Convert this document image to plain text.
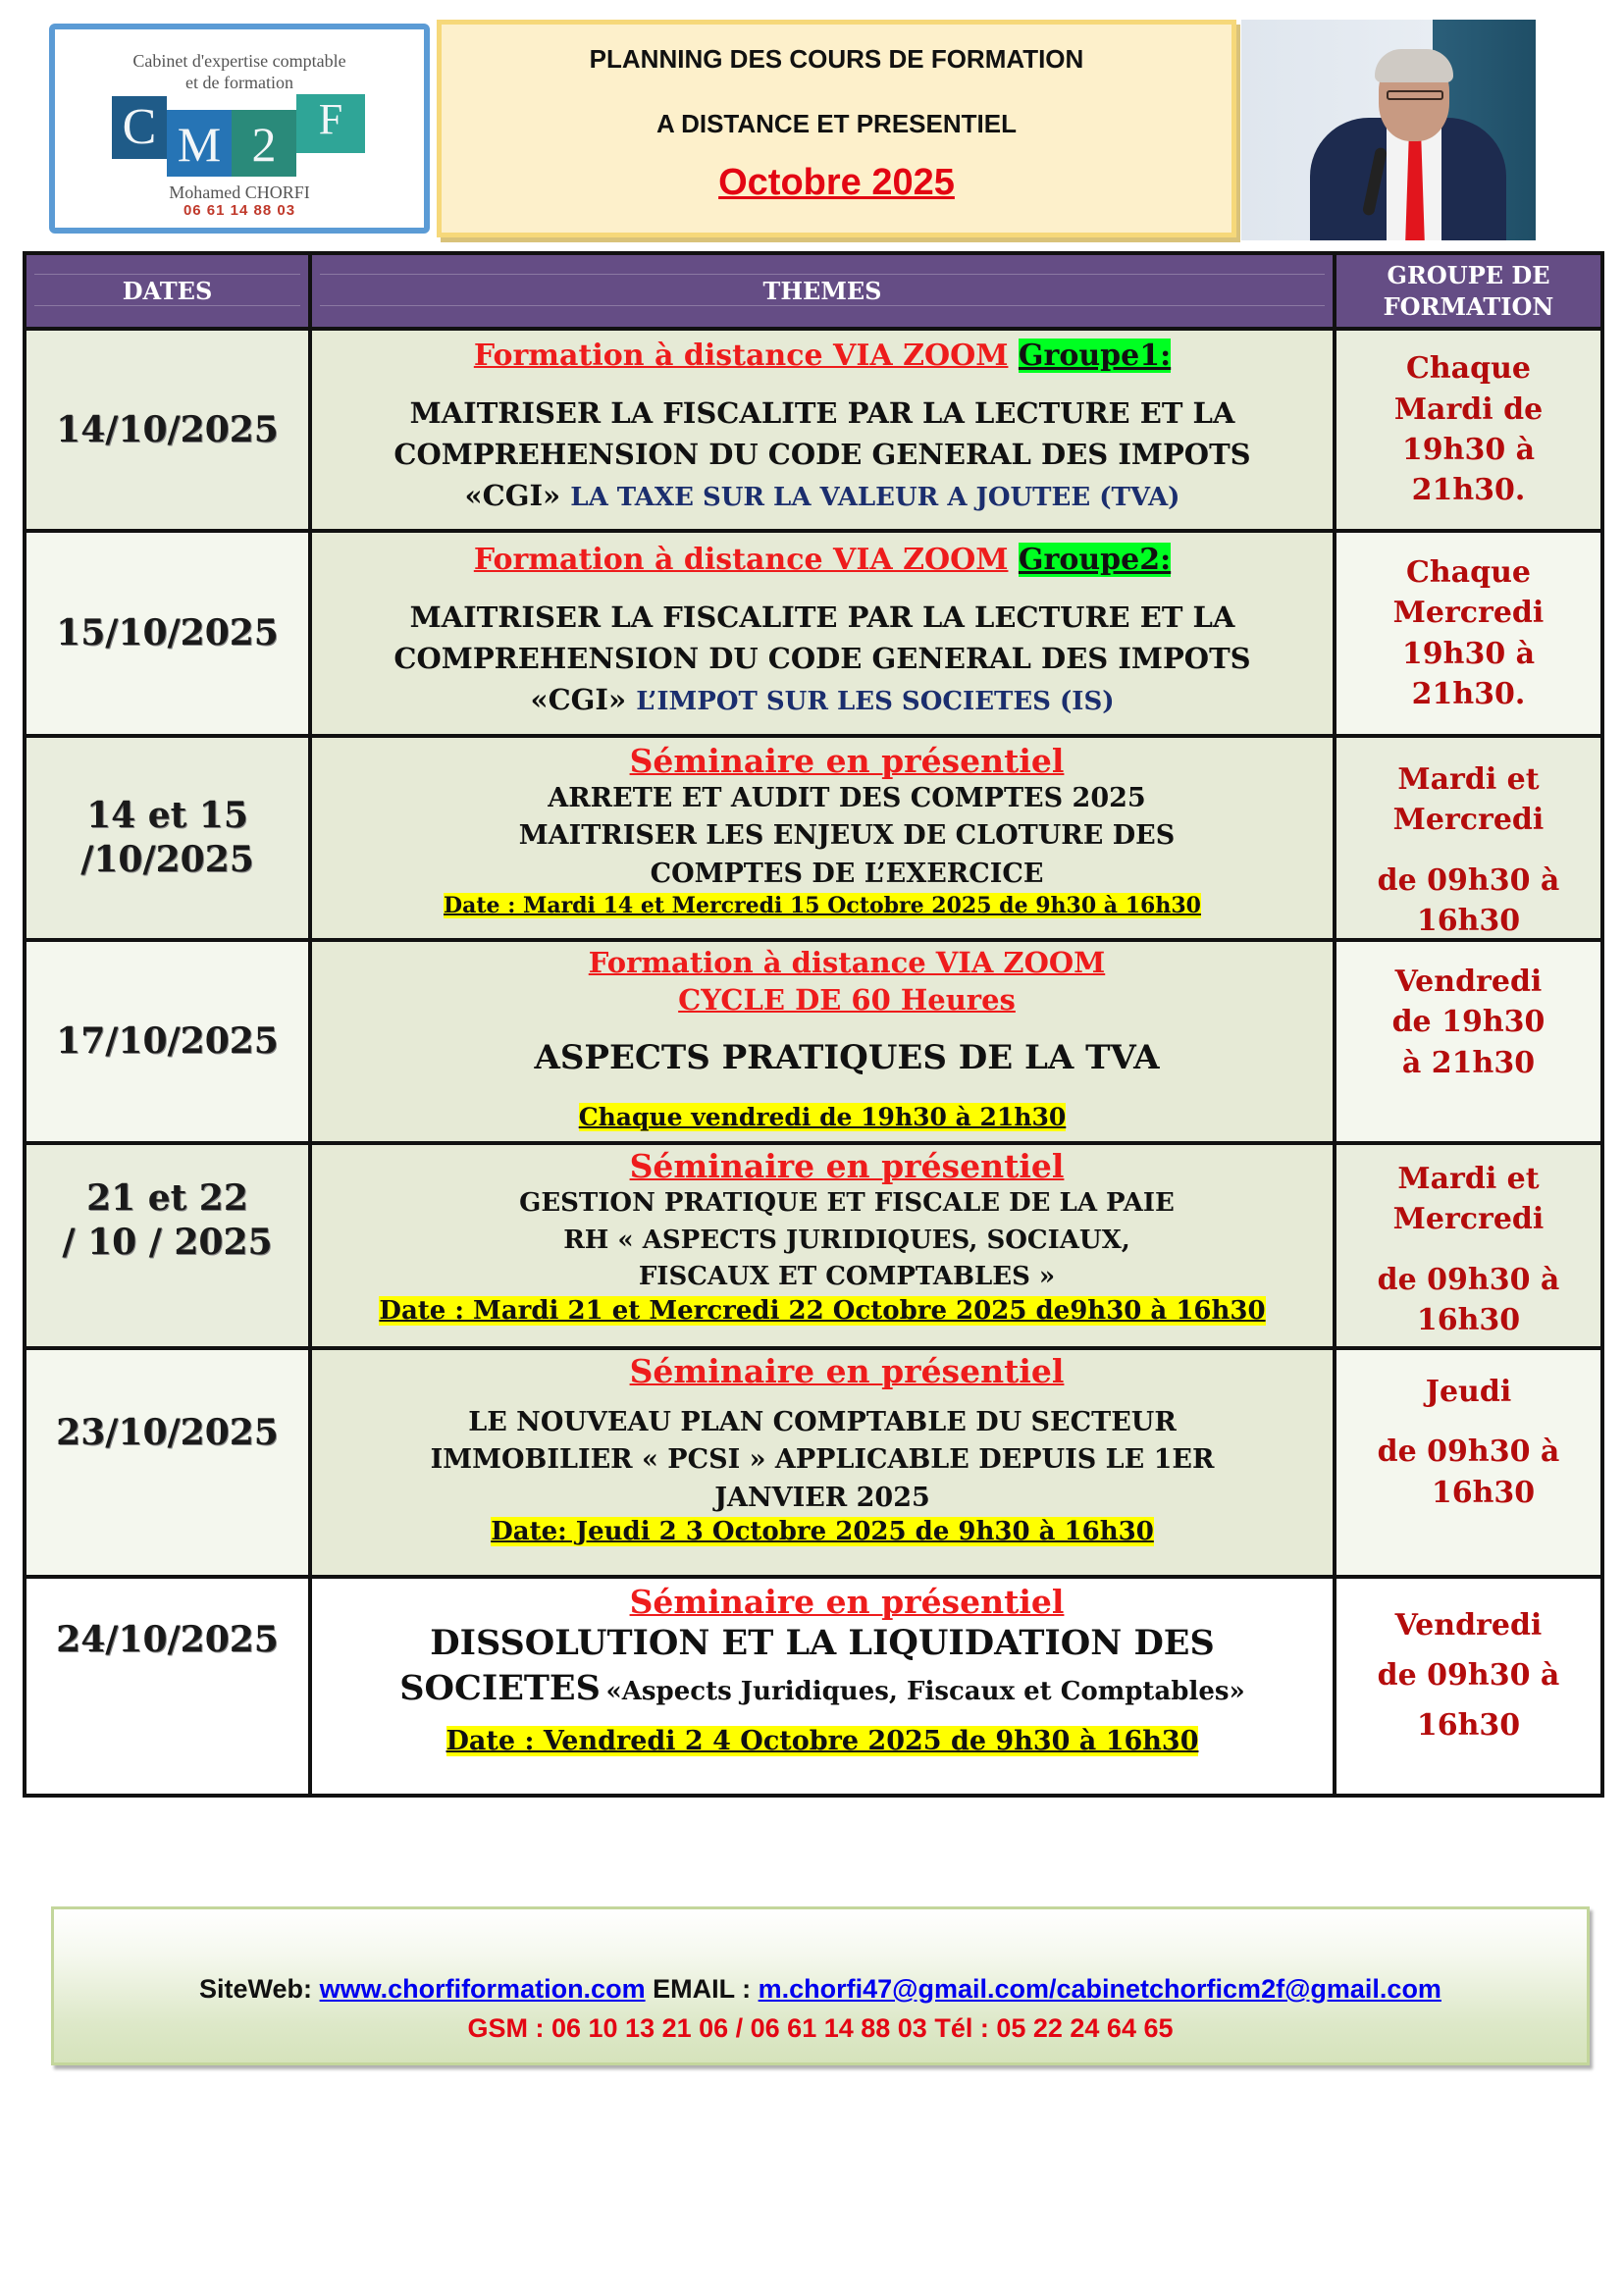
Cabinet d'expertise comptable
et de formation
C M 2 F
Mohamed CHORFI
06 61 14 88 03
PLANNING DES COURS DE FORMATION
A DISTANCE ET PRESENTIEL
Octobre 2025
DATES	THEMES
GROUPE DE FORMATION
14/10/2025
Formation à distance VIA ZOOM Groupe1:
MAITRISER LA FISCALITE PAR LA LECTURE ET LA COMPREHENSION DU CODE GENERAL DES IMPOTS
«CGI» LA TAXE SUR LA VALEUR A JOUTEE (TVA)
Chaque
Mardi de
19h30 à
21h30.
15/10/2025
Formation à distance VIA ZOOM Groupe2:
MAITRISER LA FISCALITE PAR LA LECTURE ET LA COMPREHENSION DU CODE GENERAL DES IMPOTS
«CGI» L’IMPOT SUR LES SOCIETES (IS)
Chaque
Mercredi
19h30 à
21h30.
14 et 15
/10/2025
Séminaire en présentiel
ARRETE ET AUDIT DES COMPTES 2025
MAITRISER LES ENJEUX DE CLOTURE DES
COMPTES DE L’EXERCICE
Date : Mardi 14 et Mercredi 15 Octobre 2025 de 9h30 à 16h30
Mardi et
Mercredi
de 09h30 à
16h30
17/10/2025
Formation à distance VIA ZOOM
CYCLE DE 60 Heures
ASPECTS PRATIQUES DE LA TVA
Chaque vendredi de 19h30 à 21h30
Vendredi
de 19h30
à 21h30
21 et 22
/ 10 / 2025
Séminaire en présentiel
GESTION PRATIQUE ET FISCALE DE LA PAIE
RH « ASPECTS JURIDIQUES, SOCIAUX,
FISCAUX ET COMPTABLES »
Date : Mardi 21 et Mercredi 22 Octobre 2025 de9h30 à 16h30
Mardi et
Mercredi
de 09h30 à
16h30
23/10/2025
Séminaire en présentiel
LE NOUVEAU PLAN COMPTABLE DU SECTEUR
IMMOBILIER « PCSI » APPLICABLE DEPUIS LE 1ER
JANVIER 2025
Date: Jeudi 2 3 Octobre 2025 de 9h30 à 16h30
Jeudi
de 09h30 à
16h30
24/10/2025
Séminaire en présentiel
DISSOLUTION ET LA LIQUIDATION DES
SOCIETES «Aspects Juridiques, Fiscaux et Comptables»
Date : Vendredi 2 4 Octobre 2025 de 9h30 à 16h30
Vendredi
de 09h30 à
16h30
SiteWeb: www.chorfiformation.com EMAIL : m.chorfi47@gmail.com/cabinetchorficm2f@gmail.com
GSM : 06 10 13 21 06 / 06 61 14 88 03 Tél : 05 22 24 64 65
